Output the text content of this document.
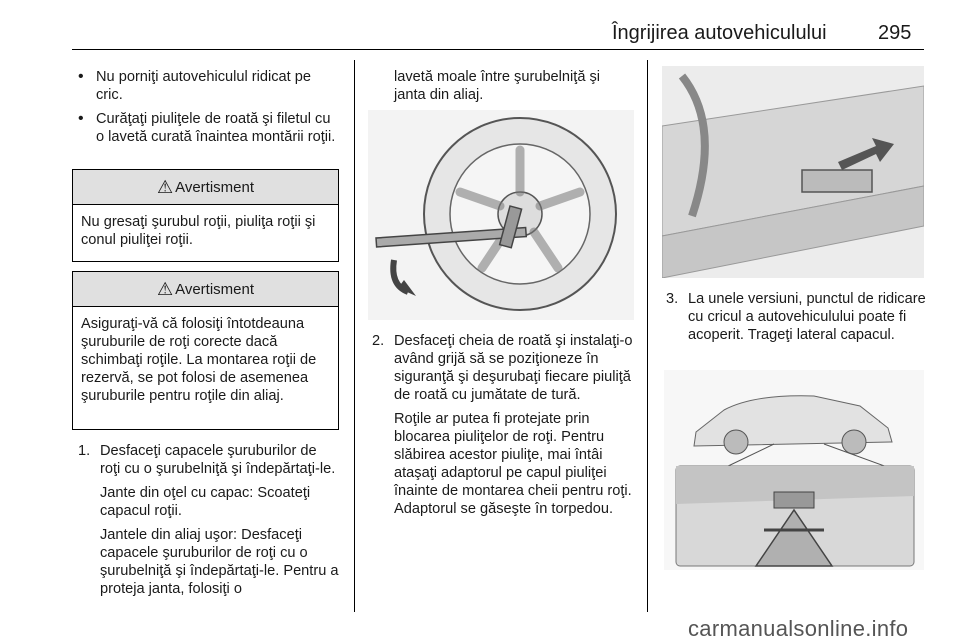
Îngrijirea autovehiculului	295
• Nu porniţi autovehiculul ridicat pe cric.
• Curăţaţi piuliţele de roată şi filetul cu o lavetă curată înaintea montării roţii.
⚠ Avertisment
Nu gresaţi şurubul roţii, piuliţa roţii şi conul piuliţei roţii.
⚠ Avertisment
Asiguraţi-vă că folosiţi întotdeauna şuruburile de roţi corecte dacă schimbaţi roţile. La montarea roţii de rezervă, se pot folosi de asemenea şuruburile pentru roţile din aliaj.
1. Desfaceţi capacele şuruburilor de roţi cu o şurubelniţă şi îndepărtaţi-le.

Jante din oţel cu capac: Scoateţi capacul roţii.

Jantele din aliaj uşor: Desfaceţi capacele şuruburilor de roţi cu o şurubelniţă şi îndepărtaţi-le. Pentru a proteja janta, folosiţi o

lavetă moale între şurubelniţă şi janta din aliaj.

2. Desfaceţi cheia de roată şi instalaţi-o având grijă să se poziţioneze în siguranţă şi deşurubaţi fiecare piuliţă de roată cu jumătate de tură.

Roţile ar putea fi protejate prin blocarea piuliţelor de roţi. Pentru slăbirea acestor piuliţe, mai întâi ataşaţi adaptorul pe capul piuliţei înainte de montarea cheii pentru roţi. Adaptorul se găseşte în torpedou.

3. La unele versiuni, punctul de ridicare cu cricul a autovehiculului poate fi acoperit. Trageţi lateral capacul.
carmanualsonline.info
